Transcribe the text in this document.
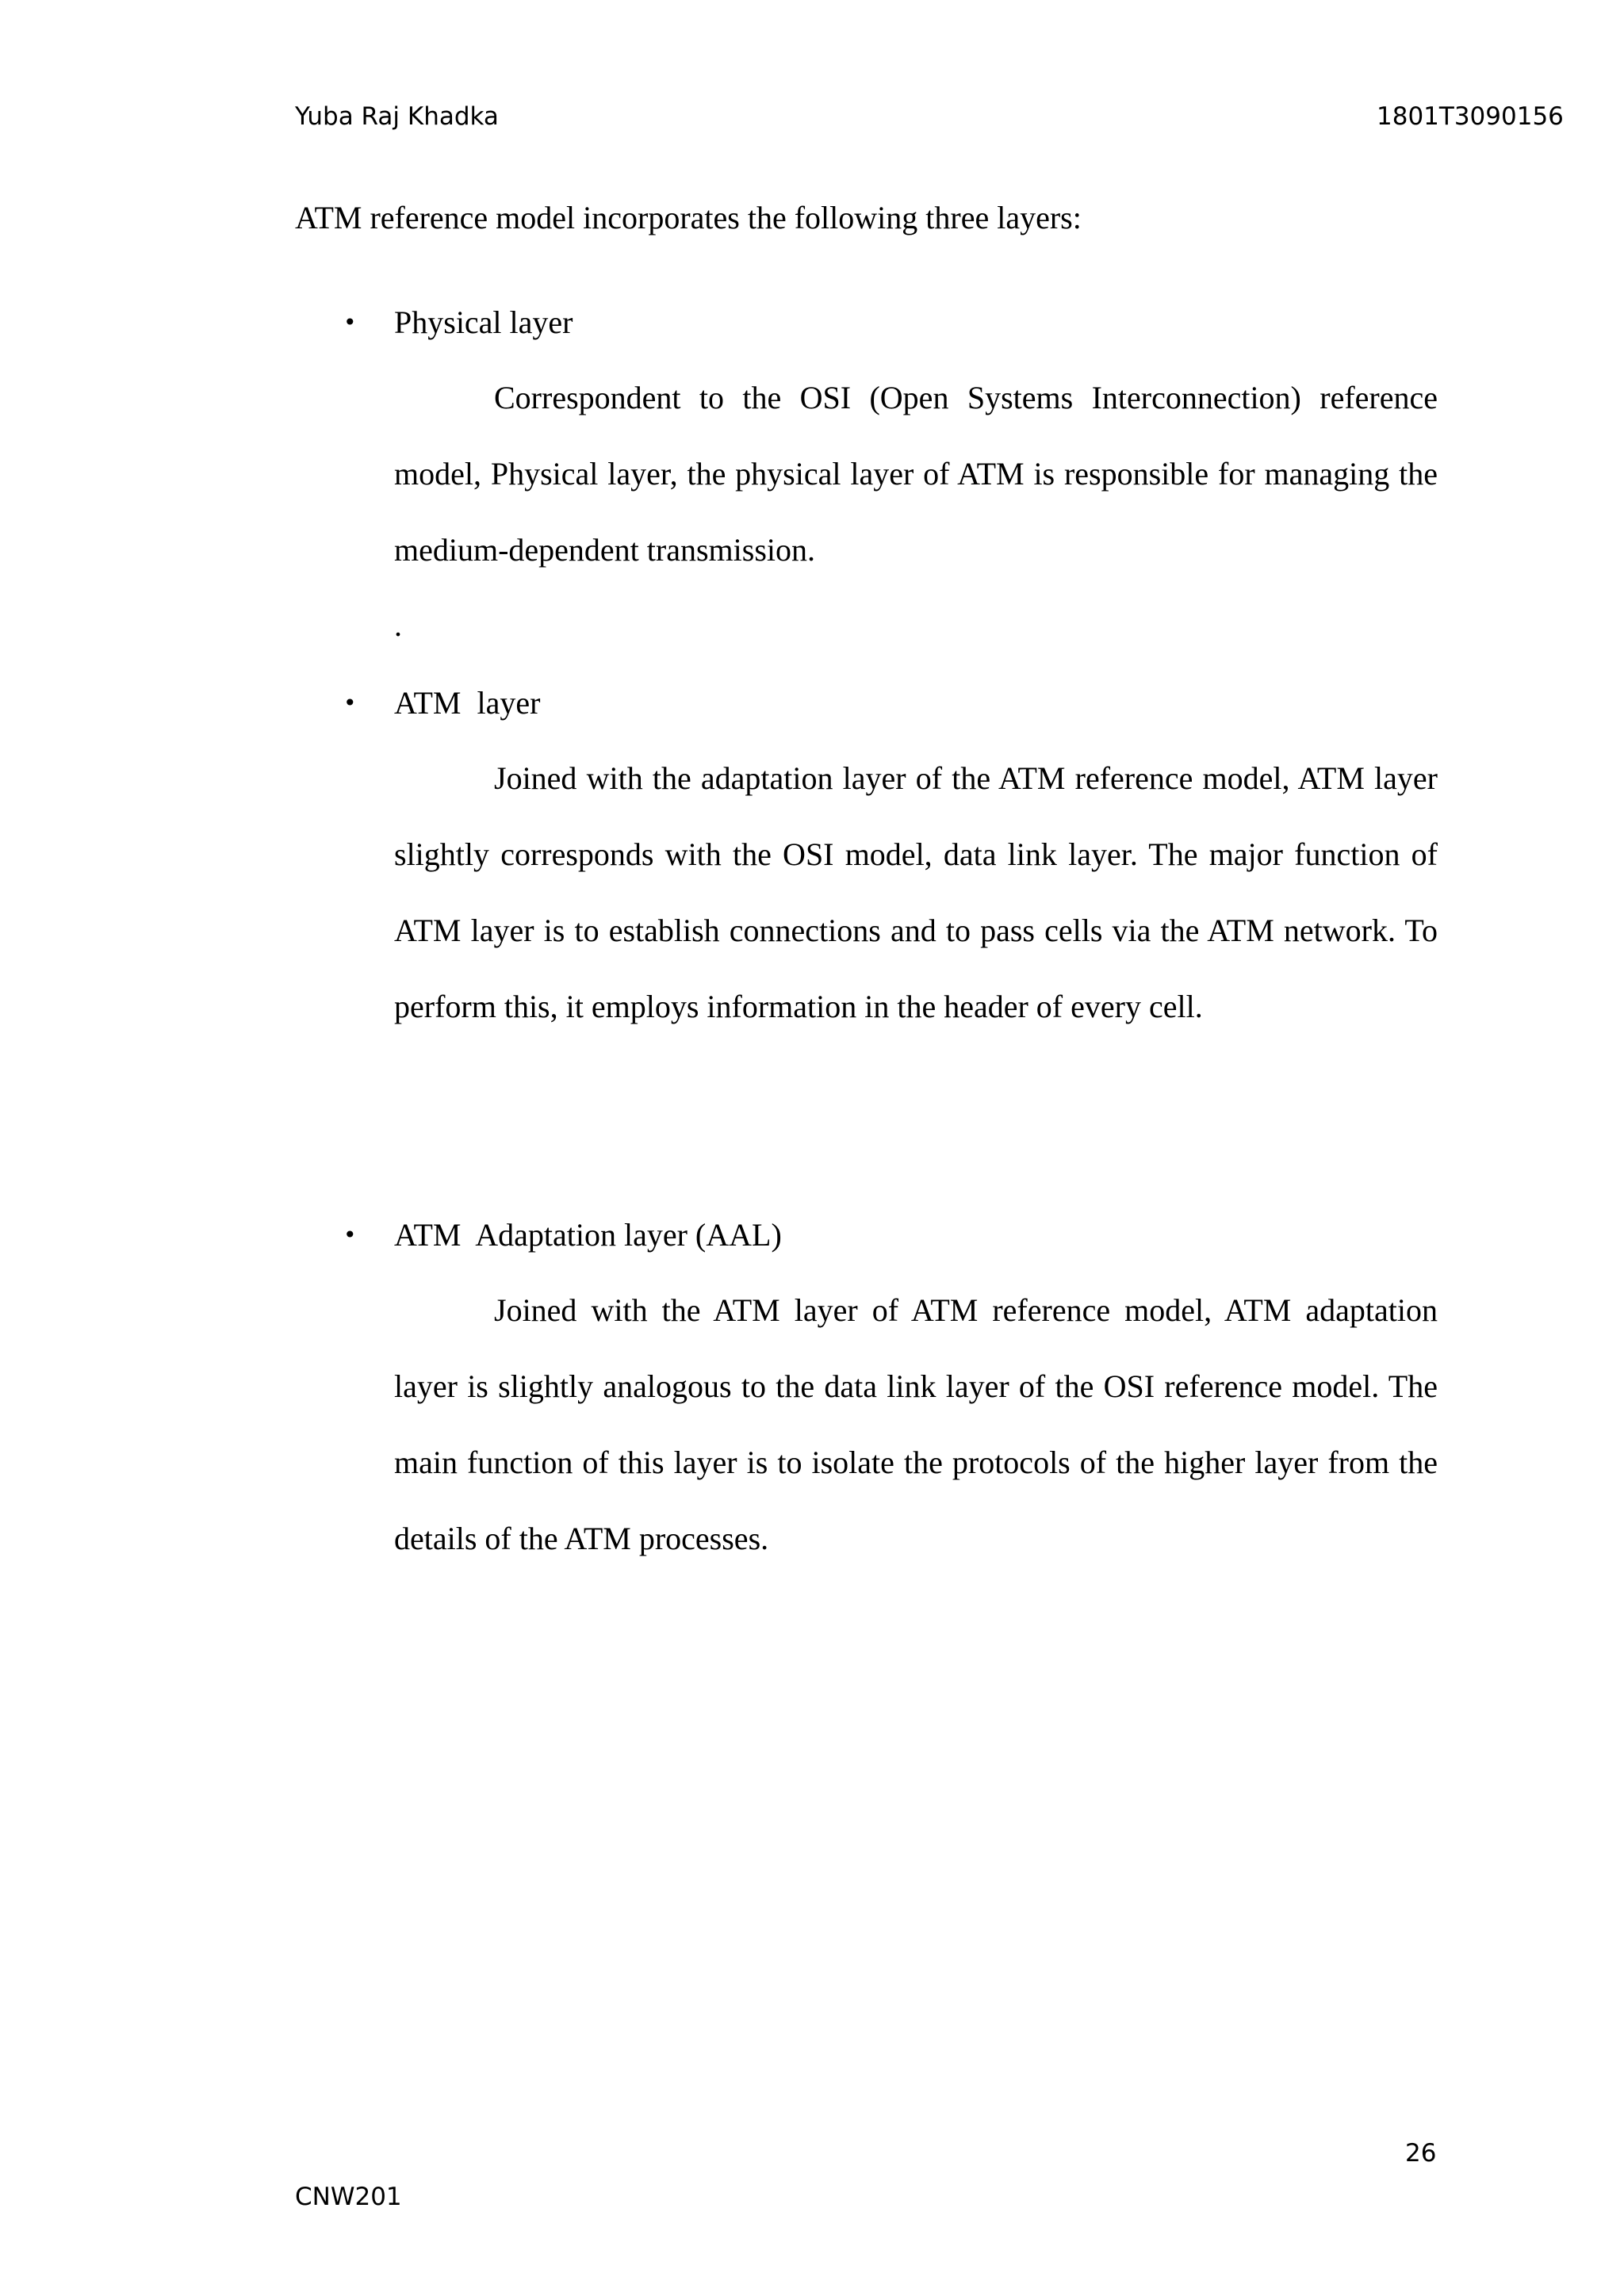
Yuba Raj Khadka	1801T3090156
ATM reference model incorporates the following three layers:
• Physical layer

Correspondent to the OSI (Open Systems Interconnection) reference model, Physical layer, the physical layer of ATM is responsible for managing the medium-dependent transmission.

.
• ATM  layer

Joined with the adaptation layer of the ATM reference model, ATM layer slightly corresponds with the OSI model, data link layer. The major function of ATM layer is to establish connections and to pass cells via the ATM network. To perform this, it employs information in the header of every cell.

• ATM  Adaptation layer (AAL)

Joined with the ATM layer of ATM reference model, ATM adaptation layer is slightly analogous to the data link layer of the OSI reference model. The main function of this layer is to isolate the protocols of the higher layer from the details of the ATM processes.

26
CNW201
